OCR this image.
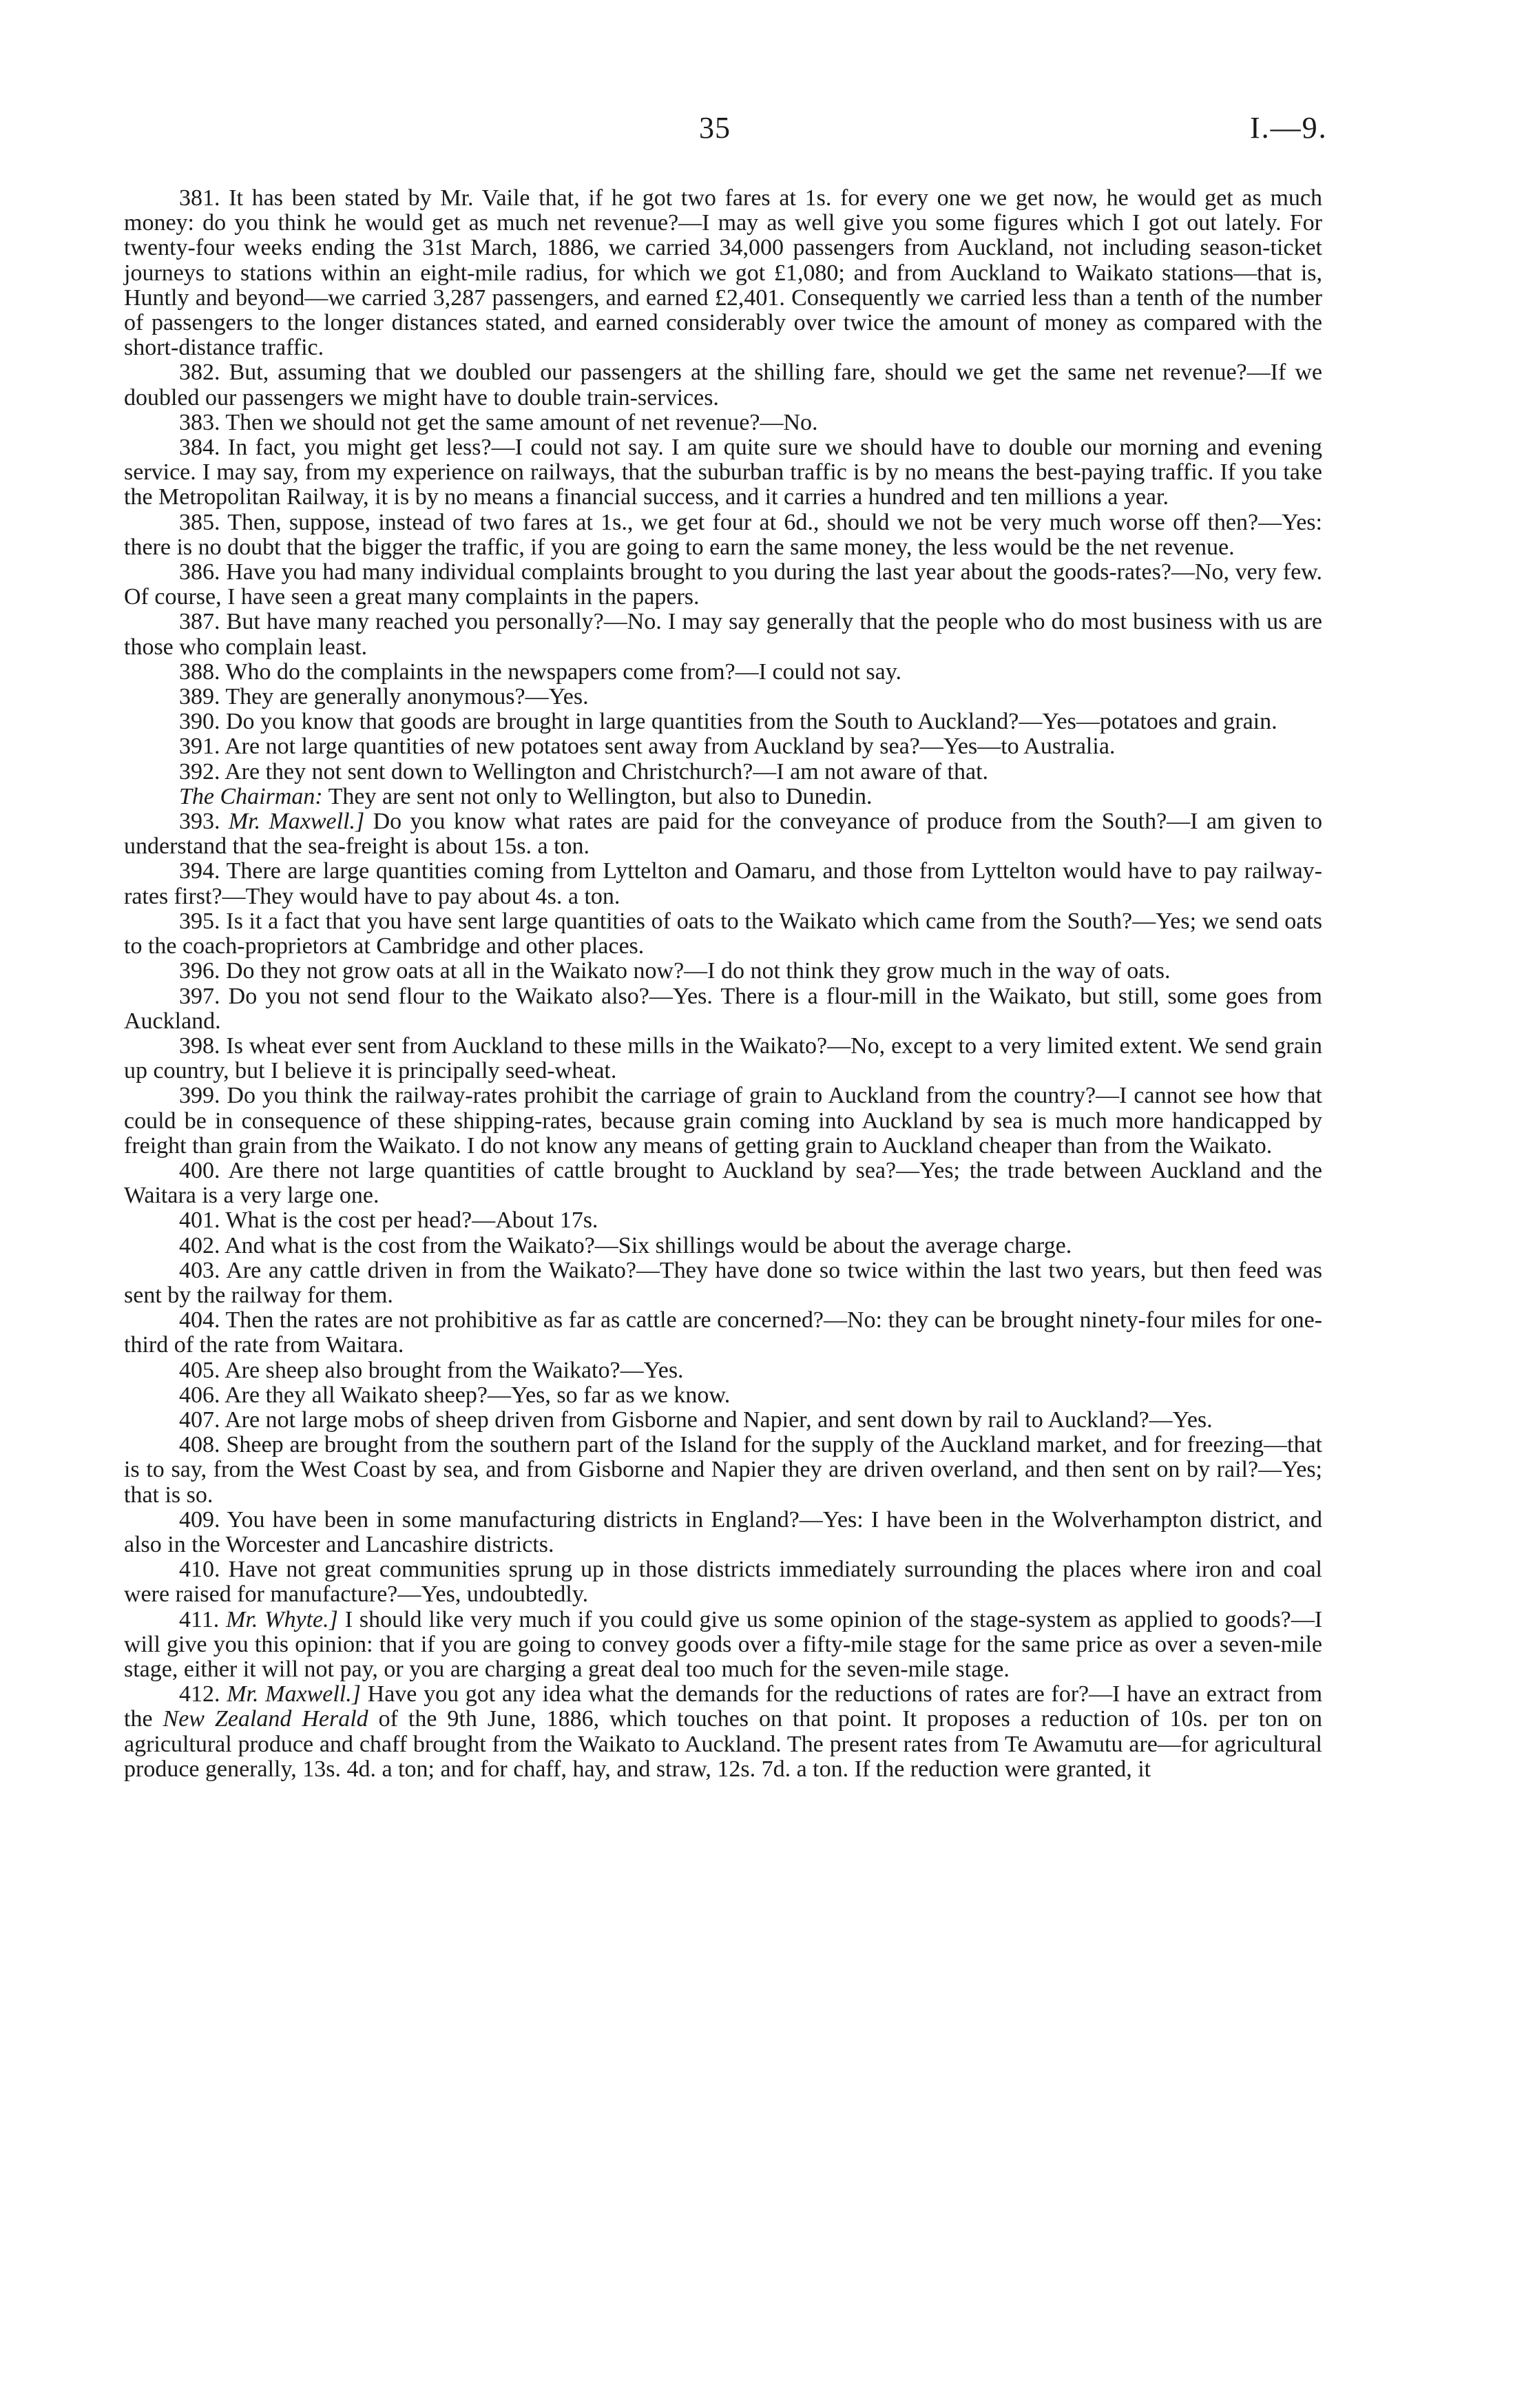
35	I.—9.

381. It has been stated by Mr. Vaile that, if he got two fares at 1s. for every one we get now, he would get as much money: do you think he would get as much net revenue?—I may as well give you some figures which I got out lately. For twenty-four weeks ending the 31st March, 1886, we carried 34,000 passengers from Auckland, not including season-ticket journeys to stations within an eight-mile radius, for which we got £1,080; and from Auckland to Waikato stations—that is, Huntly and beyond—we carried 3,287 passengers, and earned £2,401. Consequently we carried less than a tenth of the number of passengers to the longer distances stated, and earned considerably over twice the amount of money as compared with the short-distance traffic.

382. But, assuming that we doubled our passengers at the shilling fare, should we get the same net revenue?—If we doubled our passengers we might have to double train-services.

383. Then we should not get the same amount of net revenue?—No.

384. In fact, you might get less?—I could not say. I am quite sure we should have to double our morning and evening service. I may say, from my experience on railways, that the suburban traffic is by no means the best-paying traffic. If you take the Metropolitan Railway, it is by no means a financial success, and it carries a hundred and ten millions a year.

385. Then, suppose, instead of two fares at 1s., we get four at 6d., should we not be very much worse off then?—Yes: there is no doubt that the bigger the traffic, if you are going to earn the same money, the less would be the net revenue.

386. Have you had many individual complaints brought to you during the last year about the goods-rates?—No, very few. Of course, I have seen a great many complaints in the papers.

387. But have many reached you personally?—No. I may say generally that the people who do most business with us are those who complain least.

388. Who do the complaints in the newspapers come from?—I could not say.

389. They are generally anonymous?—Yes.

390. Do you know that goods are brought in large quantities from the South to Auckland?—Yes—potatoes and grain.

391. Are not large quantities of new potatoes sent away from Auckland by sea?—Yes—to Australia.

392. Are they not sent down to Wellington and Christchurch?—I am not aware of that.

The Chairman: They are sent not only to Wellington, but also to Dunedin.

393. Mr. Maxwell.] Do you know what rates are paid for the conveyance of produce from the South?—I am given to understand that the sea-freight is about 15s. a ton.

394. There are large quantities coming from Lyttelton and Oamaru, and those from Lyttelton would have to pay railway-rates first?—They would have to pay about 4s. a ton.

395. Is it a fact that you have sent large quantities of oats to the Waikato which came from the South?—Yes; we send oats to the coach-proprietors at Cambridge and other places.

396. Do they not grow oats at all in the Waikato now?—I do not think they grow much in the way of oats.

397. Do you not send flour to the Waikato also?—Yes. There is a flour-mill in the Waikato, but still, some goes from Auckland.

398. Is wheat ever sent from Auckland to these mills in the Waikato?—No, except to a very limited extent. We send grain up country, but I believe it is principally seed-wheat.

399. Do you think the railway-rates prohibit the carriage of grain to Auckland from the country?—I cannot see how that could be in consequence of these shipping-rates, because grain coming into Auckland by sea is much more handicapped by freight than grain from the Waikato. I do not know any means of getting grain to Auckland cheaper than from the Waikato.

400. Are there not large quantities of cattle brought to Auckland by sea?—Yes; the trade between Auckland and the Waitara is a very large one.

401. What is the cost per head?—About 17s.

402. And what is the cost from the Waikato?—Six shillings would be about the average charge.

403. Are any cattle driven in from the Waikato?—They have done so twice within the last two years, but then feed was sent by the railway for them.

404. Then the rates are not prohibitive as far as cattle are concerned?—No: they can be brought ninety-four miles for one-third of the rate from Waitara.

405. Are sheep also brought from the Waikato?—Yes.

406. Are they all Waikato sheep?—Yes, so far as we know.

407. Are not large mobs of sheep driven from Gisborne and Napier, and sent down by rail to Auckland?—Yes.

408. Sheep are brought from the southern part of the Island for the supply of the Auckland market, and for freezing—that is to say, from the West Coast by sea, and from Gisborne and Napier they are driven overland, and then sent on by rail?—Yes; that is so.

409. You have been in some manufacturing districts in England?—Yes: I have been in the Wolverhampton district, and also in the Worcester and Lancashire districts.

410. Have not great communities sprung up in those districts immediately surrounding the places where iron and coal were raised for manufacture?—Yes, undoubtedly.

411. Mr. Whyte.] I should like very much if you could give us some opinion of the stage-system as applied to goods?—I will give you this opinion: that if you are going to convey goods over a fifty-mile stage for the same price as over a seven-mile stage, either it will not pay, or you are charging a great deal too much for the seven-mile stage.

412. Mr. Maxwell.] Have you got any idea what the demands for the reductions of rates are for?—I have an extract from the New Zealand Herald of the 9th June, 1886, which touches on that point. It proposes a reduction of 10s. per ton on agricultural produce and chaff brought from the Waikato to Auckland. The present rates from Te Awamutu are—for agricultural produce generally, 13s. 4d. a ton; and for chaff, hay, and straw, 12s. 7d. a ton. If the reduction were granted, it
